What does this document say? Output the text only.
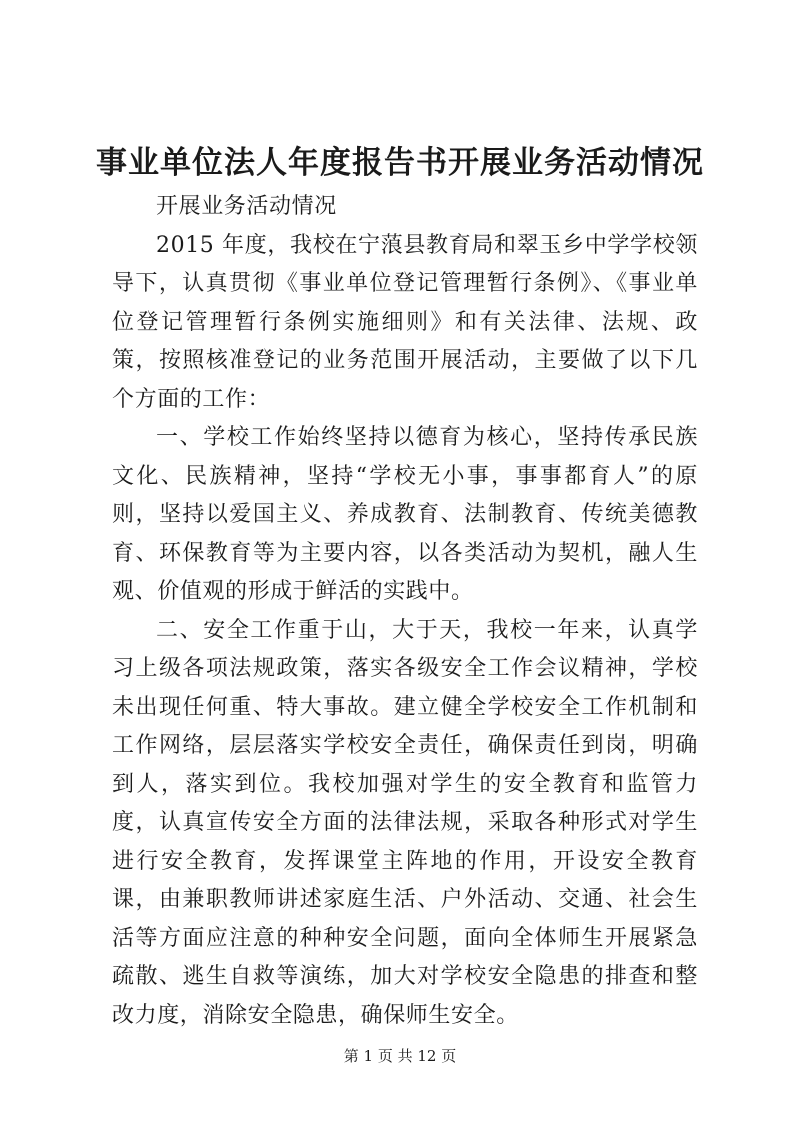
事业单位法人年度报告书开展业务活动情况

开展业务活动情况

2015 年度，我校在宁蒗县教育局和翠玉乡中学学校领导下，认真贯彻《事业单位登记管理暂行条例》、《事业单位登记管理暂行条例实施细则》和有关法律、法规、政策，按照核准登记的业务范围开展活动，主要做了以下几个方面的工作：

一、学校工作始终坚持以德育为核心，坚持传承民族文化、民族精神，坚持“学校无小事，事事都育人”的原则，坚持以爱国主义、养成教育、法制教育、传统美德教育、环保教育等为主要内容，以各类活动为契机，融人生观、价值观的形成于鲜活的实践中。

二、安全工作重于山，大于天，我校一年来，认真学习上级各项法规政策，落实各级安全工作会议精神，学校未出现任何重、特大事故。建立健全学校安全工作机制和工作网络，层层落实学校安全责任，确保责任到岗，明确到人，落实到位。我校加强对学生的安全教育和监管力度，认真宣传安全方面的法律法规，采取各种形式对学生进行安全教育，发挥课堂主阵地的作用，开设安全教育课，由兼职教师讲述家庭生活、户外活动、交通、社会生活等方面应注意的种种安全问题，面向全体师生开展紧急疏散、逃生自救等演练，加大对学校安全隐患的排查和整改力度，消除安全隐患，确保师生安全。

第 1 页 共 12 页
